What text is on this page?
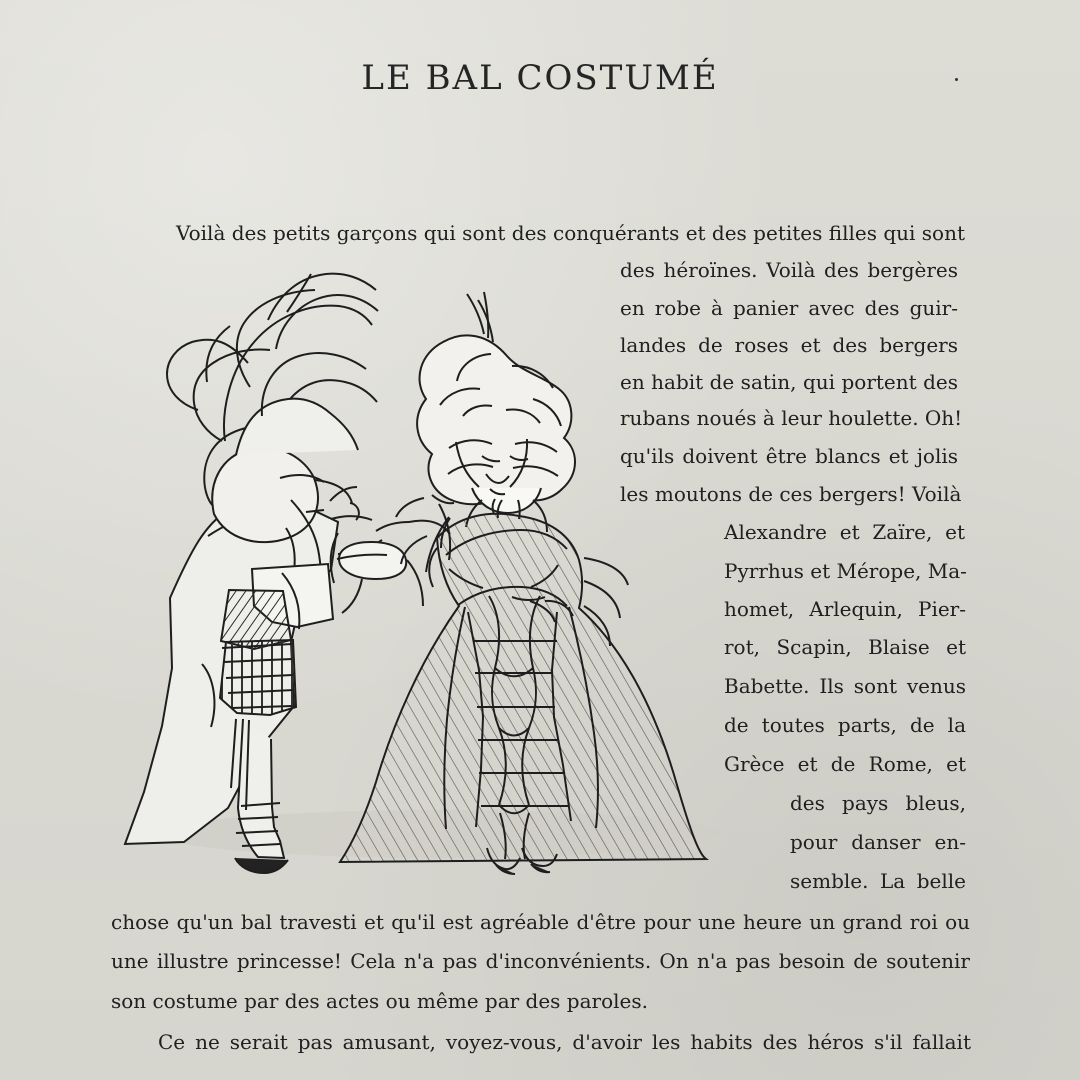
LE BAL COSTUMÉ
Voilà des petits garçons qui sont des conquérants et des petites filles qui sont
des héroïnes. Voilà des bergères
en robe à panier avec des guir-
landes de roses et des bergers
en habit de satin, qui portent des
rubans noués à leur houlette. Oh!
qu'ils doivent être blancs et jolis
les moutons de ces bergers! Voilà
Alexandre et Zaïre, et
Pyrrhus et Mérope, Ma-
homet, Arlequin, Pier-
rot, Scapin, Blaise et
Babette. Ils sont venus
de toutes parts, de la
Grèce et de Rome, et
des pays bleus,
pour danser en-
semble. La belle
chose qu'un bal travesti et qu'il est agréable d'être pour une heure un grand roi ou
une illustre princesse! Cela n'a pas d'inconvénients. On n'a pas besoin de soutenir
son costume par des actes ou même par des paroles.
Ce ne serait pas amusant, voyez-vous, d'avoir les habits des héros s'il fallait
